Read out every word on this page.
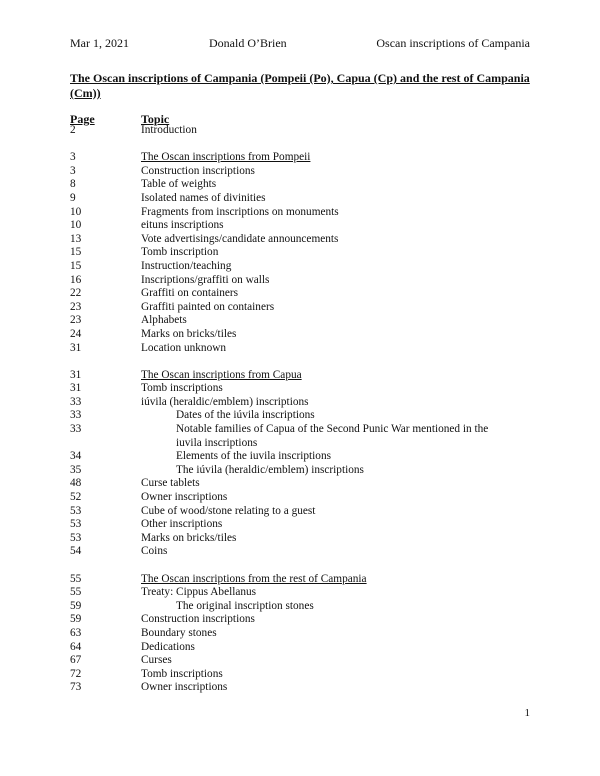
Mar 1, 2021	Donald O’Brien	Oscan inscriptions of Campania
The Oscan inscriptions of Campania (Pompeii (Po), Capua (Cp) and the rest of Campania (Cm))
Page	Topic
2	Introduction
3	The Oscan inscriptions from Pompeii
3	Construction inscriptions
8	Table of weights
9	Isolated names of divinities
10	Fragments from inscriptions on monuments
10	eituns inscriptions
13	Vote advertisings/candidate announcements
15	Tomb inscription
15	Instruction/teaching
16	Inscriptions/graffiti on walls
22	Graffiti on containers
23	Graffiti painted on containers
23	Alphabets
24	Marks on bricks/tiles
31	Location unknown
31	The Oscan inscriptions from Capua
31	Tomb inscriptions
33	iúvila (heraldic/emblem) inscriptions
33	Dates of the iúvila inscriptions
33	Notable families of Capua of the Second Punic War mentioned in the iuvila inscriptions
34	Elements of the iuvila inscriptions
35	The iúvila (heraldic/emblem) inscriptions
48	Curse tablets
52	Owner inscriptions
53	Cube of wood/stone relating to a guest
53	Other inscriptions
53	Marks on bricks/tiles
54	Coins
55	The Oscan inscriptions from the rest of Campania
55	Treaty: Cippus Abellanus
59	The original inscription stones
59	Construction inscriptions
63	Boundary stones
64	Dedications
67	Curses
72	Tomb inscriptions
73	Owner inscriptions
1
